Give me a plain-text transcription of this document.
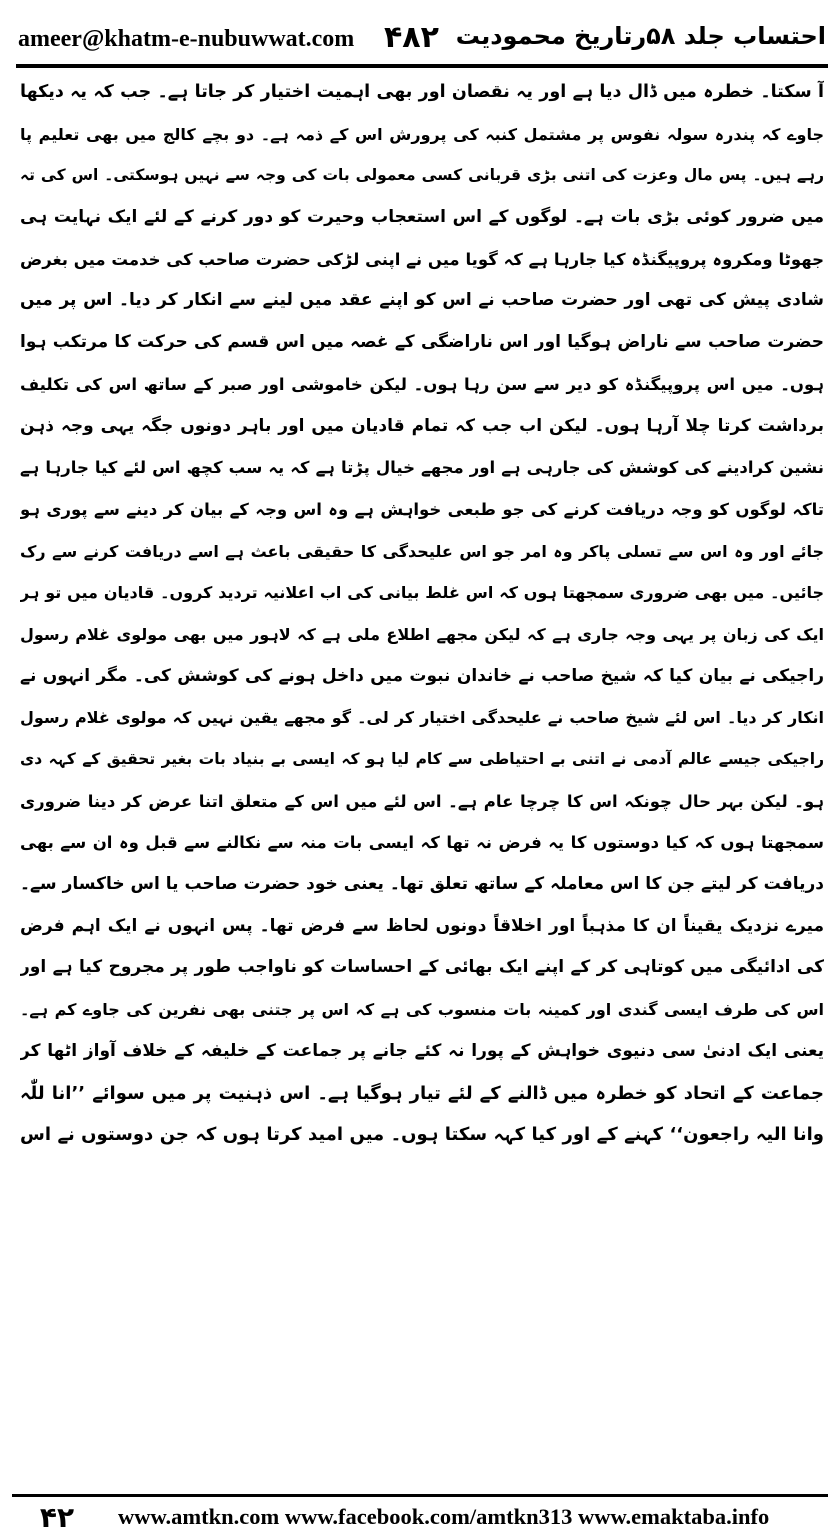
ameer@khatm-e-nubuwwat.com ۴۸۲ احتساب جلد ۵۸رتاریخ محمودیت
آ سکتا۔ خطرہ میں ڈال دیا ہے اور یہ نقصان اور بھی اہمیت اختیار کر جاتا ہے۔ جب کہ یہ دیکھا
جاوے کہ پندرہ سولہ نفوس پر مشتمل کنبہ کی پرورش اس کے ذمہ ہے۔ دو بچے کالج میں بھی تعلیم پا
رہے ہیں۔ پس مال وعزت کی اتنی بڑی قربانی کسی معمولی بات کی وجہ سے نہیں ہوسکتی۔ اس کی تہ
میں ضرور کوئی بڑی بات ہے۔ لوگوں کے اس استعجاب وحیرت کو دور کرنے کے لئے ایک نہایت ہی
جھوٹا ومکروہ پروپیگنڈہ کیا جارہا ہے کہ گویا میں نے اپنی لڑکی حضرت صاحب کی خدمت میں بغرض
شادی پیش کی تھی اور حضرت صاحب نے اس کو اپنے عقد میں لینے سے انکار کر دیا۔ اس پر میں
حضرت صاحب سے ناراض ہوگیا اور اس ناراضگی کے غصہ میں اس قسم کی حرکت کا مرتکب ہوا
ہوں۔ میں اس پروپیگنڈہ کو دیر سے سن رہا ہوں۔ لیکن خاموشی اور صبر کے ساتھ اس کی تکلیف
برداشت کرتا چلا آرہا ہوں۔ لیکن اب جب کہ تمام قادیان میں اور باہر دونوں جگہ یہی وجہ ذہن
نشین کرادینے کی کوشش کی جارہی ہے اور مجھے خیال پڑتا ہے کہ یہ سب کچھ اس لئے کیا جارہا ہے
تاکہ لوگوں کو وجہ دریافت کرنے کی جو طبعی خواہش ہے وہ اس وجہ کے بیان کر دینے سے پوری ہو
جائے اور وہ اس سے تسلی پاکر وہ امر جو اس علیحدگی کا حقیقی باعث ہے اسے دریافت کرنے سے رک
جائیں۔ میں بھی ضروری سمجھتا ہوں کہ اس غلط بیانی کی اب اعلانیہ تردید کروں۔ قادیان میں تو ہر
ایک کی زبان پر یہی وجہ جاری ہے کہ لیکن مجھے اطلاع ملی ہے کہ لاہور میں بھی مولوی غلام رسول
راجیکی نے بیان کیا کہ شیخ صاحب نے خاندان نبوت میں داخل ہونے کی کوشش کی۔ مگر انہوں نے
انکار کر دیا۔ اس لئے شیخ صاحب نے علیحدگی اختیار کر لی۔ گو مجھے یقین نہیں کہ مولوی غلام رسول
راجیکی جیسے عالم آدمی نے اتنی بے احتیاطی سے کام لیا ہو کہ ایسی بے بنیاد بات بغیر تحقیق کے کہہ دی
ہو۔ لیکن بہر حال چونکہ اس کا چرچا عام ہے۔ اس لئے میں اس کے متعلق اتنا عرض کر دینا ضروری
سمجھتا ہوں کہ کیا دوستوں کا یہ فرض نہ تھا کہ ایسی بات منہ سے نکالنے سے قبل وہ ان سے بھی
دریافت کر لیتے جن کا اس معاملہ کے ساتھ تعلق تھا۔ یعنی خود حضرت صاحب یا اس خاکسار سے۔
میرے نزدیک یقیناً ان کا مذہباً اور اخلاقاً دونوں لحاظ سے فرض تھا۔ پس انہوں نے ایک اہم فرض
کی ادائیگی میں کوتاہی کر کے اپنے ایک بھائی کے احساسات کو ناواجب طور پر مجروح کیا ہے اور
اس کی طرف ایسی گندی اور کمینہ بات منسوب کی ہے کہ اس پر جتنی بھی نفرین کی جاوے کم ہے۔
یعنی ایک ادنیٰ سی دنیوی خواہش کے پورا نہ کئے جانے پر جماعت کے خلیفہ کے خلاف آواز اٹھا کر
جماعت کے اتحاد کو خطرہ میں ڈالنے کے لئے تیار ہوگیا ہے۔ اس ذہنیت پر میں سوائے ’’انا للّٰہ
وانا الیہ راجعون‘‘ کہنے کے اور کیا کہہ سکتا ہوں۔ میں امید کرتا ہوں کہ جن دوستوں نے اس
۴۲	www.amtkn.com www.facebook.com/amtkn313 www.emaktaba.info
